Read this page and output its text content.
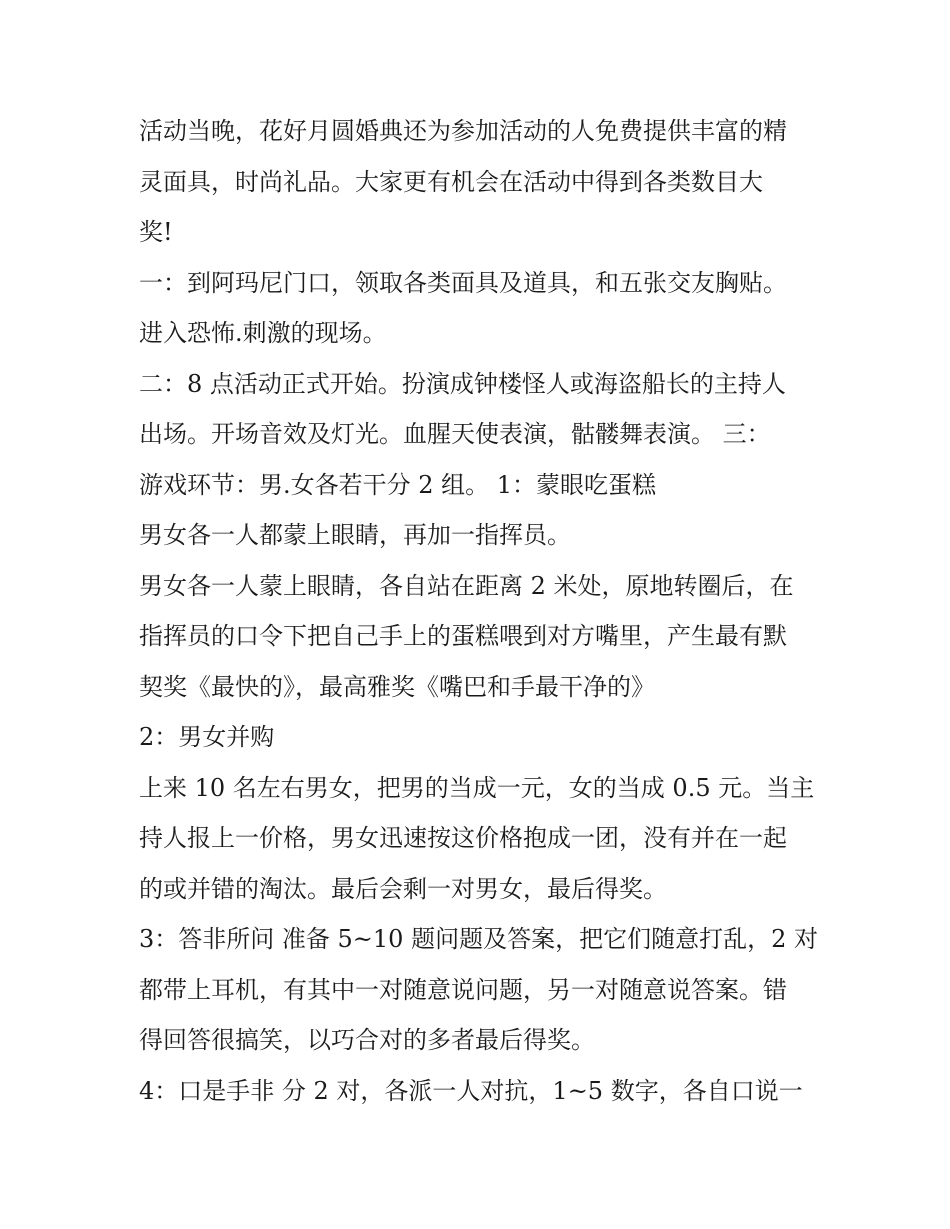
活动当晚，花好月圆婚典还为参加活动的人免费提供丰富的精
灵面具，时尚礼品。大家更有机会在活动中得到各类数目大
奖!
一：到阿玛尼门口，领取各类面具及道具，和五张交友胸贴。
进入恐怖.刺激的现场。
二：8 点活动正式开始。扮演成钟楼怪人或海盗船长的主持人
出场。开场音效及灯光。血腥天使表演，骷髅舞表演。 三：
游戏环节：男.女各若干分 2 组。 1：蒙眼吃蛋糕
男女各一人都蒙上眼睛，再加一指挥员。
男女各一人蒙上眼睛，各自站在距离 2 米处，原地转圈后，在
指挥员的口令下把自己手上的蛋糕喂到对方嘴里，产生最有默
契奖《最快的》，最高雅奖《嘴巴和手最干净的》
2：男女并购
上来 10 名左右男女，把男的当成一元，女的当成 0.5 元。当主
持人报上一价格，男女迅速按这价格抱成一团，没有并在一起
的或并错的淘汰。最后会剩一对男女，最后得奖。
3：答非所问 准备 5~10 题问题及答案，把它们随意打乱，2 对
都带上耳机，有其中一对随意说问题，另一对随意说答案。错
得回答很搞笑，以巧合对的多者最后得奖。
4：口是手非 分 2 对，各派一人对抗，1~5 数字，各自口说一
